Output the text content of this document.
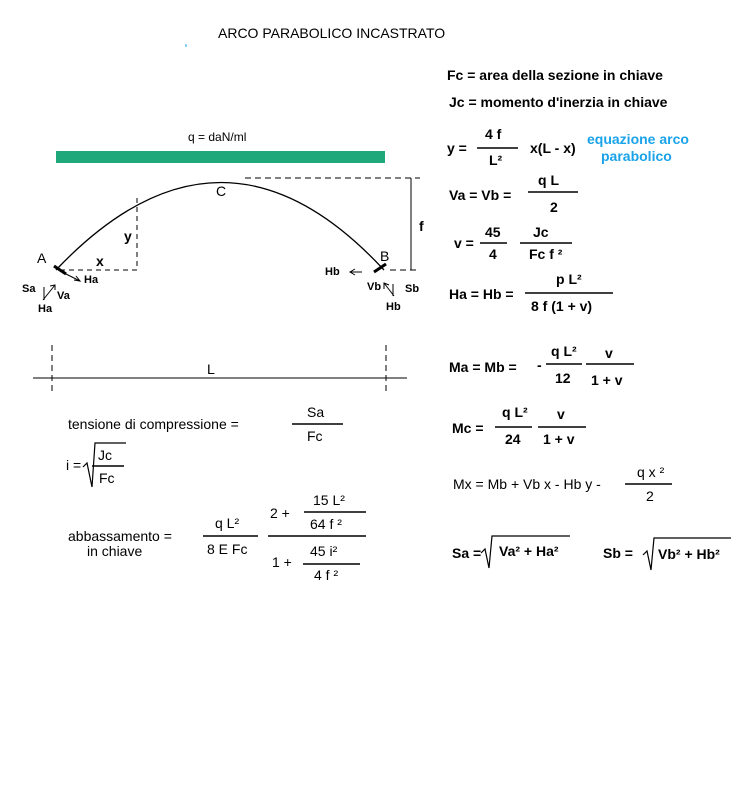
ARCO PARABOLICO INCASTRATO
q = daN/ml
A	B
C
f
y
x
L
Ha
Va
Sa
Ha
Hb
Vb Sb
Hb
Fc = area della sezione in chiave
Jc = momento d'inerzia in chiave
y =
4 f
L²
x(L - x)
equazione arco
parabolico
Va = Vb =
q L
2
v =
45
4
Jc
Fc f ²
Ha = Hb =
p L²
8 f (1 + v)
Ma = Mb = -
q L²
12
v
1 + v
Mc =
q L²
24
v
1 + v
Mx = Mb + Vb x - Hb y -
q x ²
2
Sa = Va² + Ha²	Sb = Vb² + Hb²
tensione di compressione =
Sa
Fc
i =
Jc
Fc
abbassamento =
in chiave
q L²
8 E Fc
2 +
15 L²
64 f ²
1 +
45 i²
4 f ²
